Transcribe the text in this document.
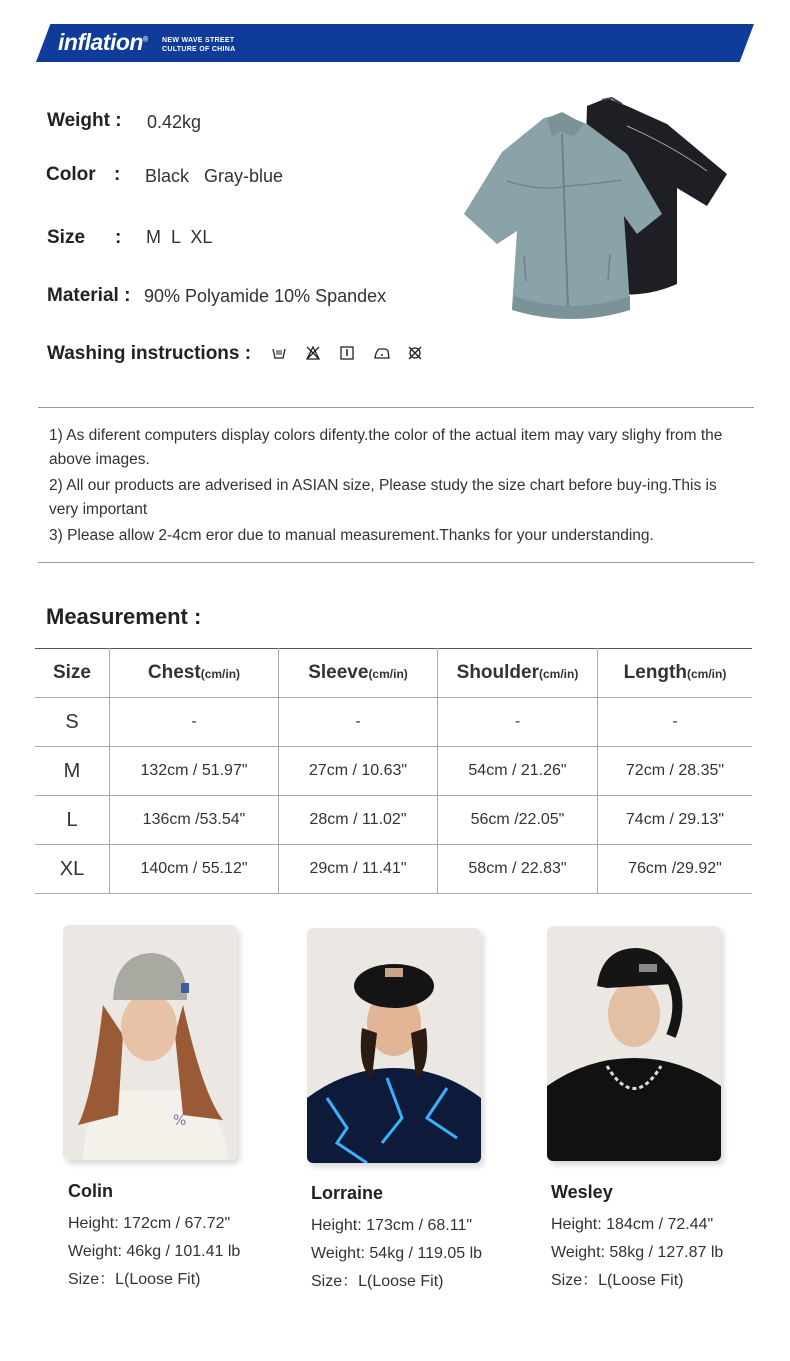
inflation® NEW WAVE STREET
CULTURE OF CHINA
Weight : 0.42kg
Color : Black   Gray-blue
Size : M  L  XL
Material : 90% Polyamide 10% Spandex
Washing instructions :

1) As diferent computers display colors difenty.the color of the actual item may vary slighy from the above images.

2) All our products are adverised in ASIAN size, Please study the size chart before buy-ing.This is very important

3) Please allow 2-4cm eror due to manual measurement.Thanks for your understanding.

Measurement :
Size	Chest(cm/in)	Sleeve(cm/in)	Shoulder(cm/in)	Length(cm/in)
S	-	-	-	-
M	132cm / 51.97"	27cm / 10.63"	54cm / 21.26"	72cm / 28.35"
L	136cm /53.54"	28cm / 11.02"	56cm /22.05"	74cm / 29.13"
XL	140cm / 55.12"	29cm / 11.41"	58cm / 22.83"	76cm /29.92"
%
Colin
Height: 172cm / 67.72"
Weight: 46kg / 101.41 lb
Size：L(Loose Fit)
Lorraine
Height: 173cm / 68.11"
Weight: 54kg / 119.05 lb
Size：L(Loose Fit)
Wesley
Height: 184cm / 72.44"
Weight: 58kg / 127.87 lb
Size：L(Loose Fit)
